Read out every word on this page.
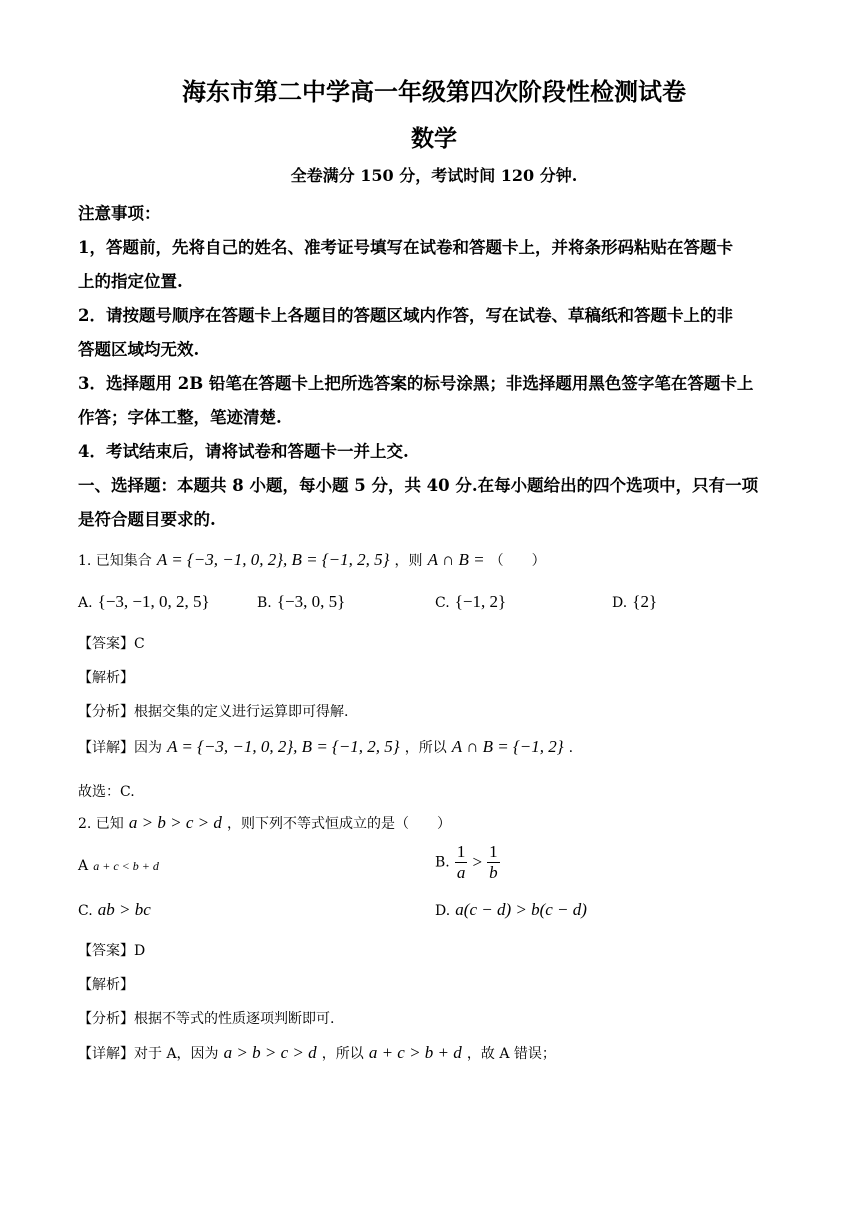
海东市第二中学高一年级第四次阶段性检测试卷
数学
全卷满分 150 分，考试时间 120 分钟.
注意事项：
1，答题前，先将自己的姓名、准考证号填写在试卷和答题卡上，并将条形码粘贴在答题卡
上的指定位置.
2．请按题号顺序在答题卡上各题目的答题区域内作答，写在试卷、草稿纸和答题卡上的非
答题区域均无效.
3．选择题用 2B 铅笔在答题卡上把所选答案的标号涂黑；非选择题用黑色签字笔在答题卡上
作答；字体工整，笔迹清楚.
4．考试结束后，请将试卷和答题卡一并上交.
一、选择题：本题共 8 小题，每小题 5 分，共 40 分.在每小题给出的四个选项中，只有一项
是符合题目要求的.
1. 已知集合 A = {−3, −1, 0, 2}, B = {−1, 2, 5} ，则 A ∩ B = （　　）
A. {−3, −1, 0, 2, 5}	B. {−3, 0, 5}	C. {−1, 2}	D. {2}
【答案】C
【解析】
【分析】根据交集的定义进行运算即可得解.
【详解】因为 A = {−3, −1, 0, 2}, B = {−1, 2, 5} ，所以 A ∩ B = {−1, 2} .
故选：C.
2. 已知 a > b > c > d ，则下列不等式恒成立的是（　　）
A a + c < b + d	B. $\frac{1}{a} > \frac{1}{b}$
C. ab > bc	D. a(c − d) > b(c − d)
【答案】D
【解析】
【分析】根据不等式的性质逐项判断即可.
【详解】对于 A，因为 a > b > c > d ，所以 a + c > b + d ，故 A 错误；
